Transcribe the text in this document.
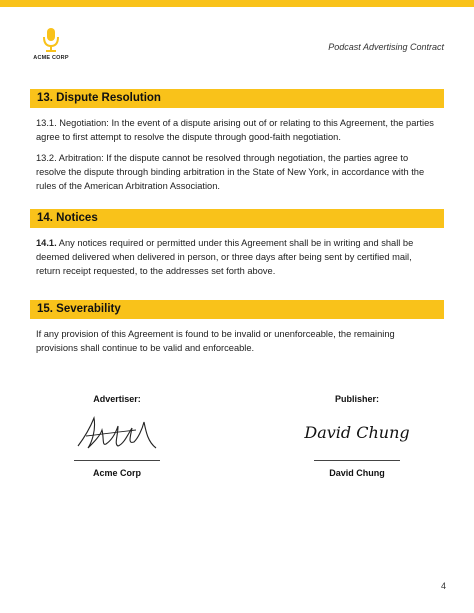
ACME CORP
Podcast Advertising Contract
13. Dispute Resolution
13.1. Negotiation: In the event of a dispute arising out of or relating to this Agreement, the parties agree to first attempt to resolve the dispute through good-faith negotiation.
13.2. Arbitration: If the dispute cannot be resolved through negotiation, the parties agree to resolve the dispute through binding arbitration in the State of New York, in accordance with the rules of the American Arbitration Association.
14. Notices
14.1. Any notices required or permitted under this Agreement shall be in writing and shall be deemed delivered when delivered in person, or three days after being sent by certified mail, return receipt requested, to the addresses set forth above.
15. Severability
If any provision of this Agreement is found to be invalid or unenforceable, the remaining provisions shall continue to be valid and enforceable.
Advertiser:
Acme Corp
Publisher:
David Chung
David Chung
4
